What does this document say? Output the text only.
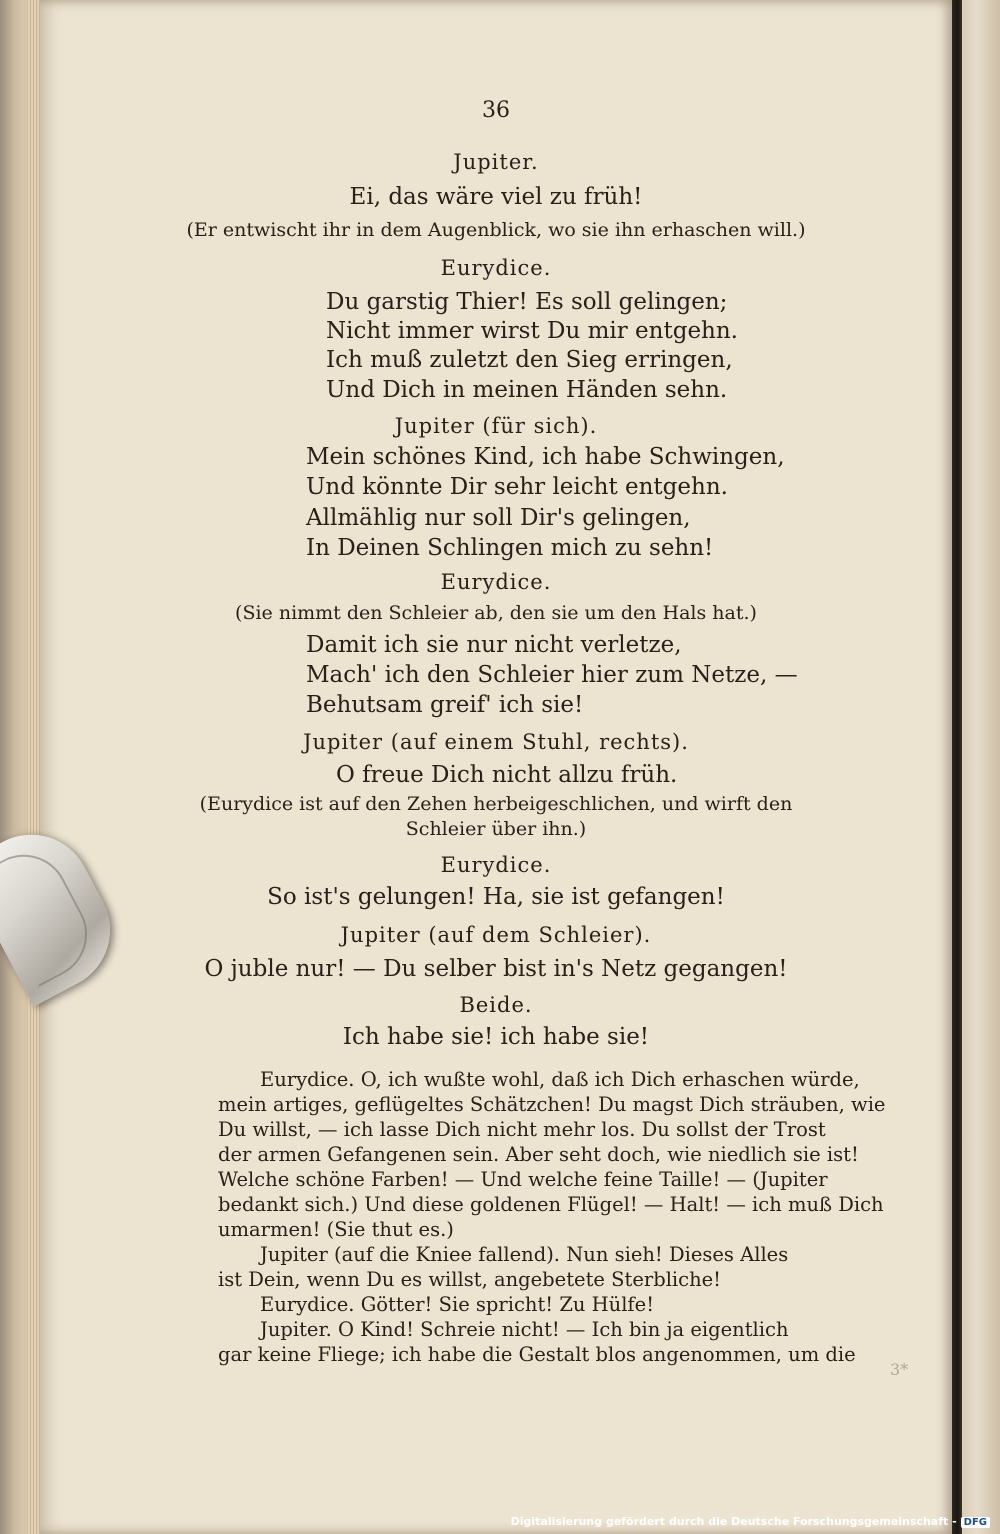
36
Jupiter.
Ei, das wäre viel zu früh!
(Er entwischt ihr in dem Augenblick, wo sie ihn erhaschen will.)
Eurydice.
Du garstig Thier! Es soll gelingen;
Nicht immer wirst Du mir entgehn.
Ich muß zuletzt den Sieg erringen,
Und Dich in meinen Händen sehn.
Jupiter (für sich).
Mein schönes Kind, ich habe Schwingen,
Und könnte Dir sehr leicht entgehn.
Allmählig nur soll Dir's gelingen,
In Deinen Schlingen mich zu sehn!
Eurydice.
(Sie nimmt den Schleier ab, den sie um den Hals hat.)
Damit ich sie nur nicht verletze,
Mach' ich den Schleier hier zum Netze, —
Behutsam greif' ich sie!
Jupiter (auf einem Stuhl, rechts).
O freue Dich nicht allzu früh.
(Eurydice ist auf den Zehen herbeigeschlichen, und wirft den
Schleier über ihn.)
Eurydice.
So ist's gelungen! Ha, sie ist gefangen!
Jupiter (auf dem Schleier).
O juble nur! — Du selber bist in's Netz gegangen!
Beide.
Ich habe sie! ich habe sie!
Eurydice. O, ich wußte wohl, daß ich Dich erhaschen würde,
mein artiges, geflügeltes Schätzchen! Du magst Dich sträuben, wie
Du willst, — ich lasse Dich nicht mehr los. Du sollst der Trost
der armen Gefangenen sein. Aber seht doch, wie niedlich sie ist!
Welche schöne Farben! — Und welche feine Taille! — (Jupiter
bedankt sich.) Und diese goldenen Flügel! — Halt! — ich muß Dich
umarmen! (Sie thut es.)
Jupiter (auf die Kniee fallend). Nun sieh! Dieses Alles
ist Dein, wenn Du es willst, angebetete Sterbliche!
Eurydice. Götter! Sie spricht! Zu Hülfe!
Jupiter. O Kind! Schreie nicht! — Ich bin ja eigentlich
gar keine Fliege; ich habe die Gestalt blos angenommen, um die
3*
Digitalisierung gefördert durch die Deutsche Forschungsgemeinschaft - DFG
